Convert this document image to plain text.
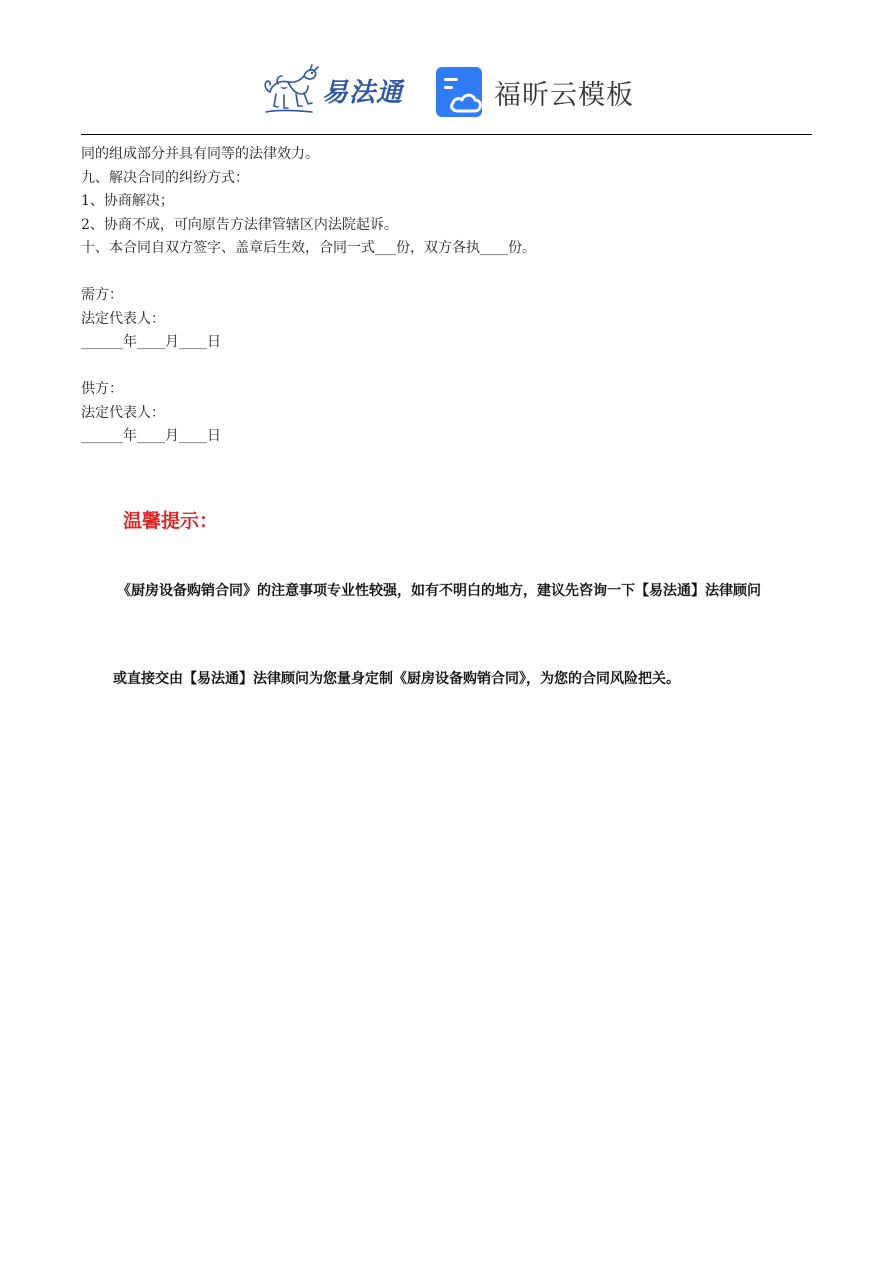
易法通	福昕云模板
同的组成部分并具有同等的法律效力。
九、解决合同的纠纷方式：
1、协商解决；
2、协商不成，可向原告方法律管辖区内法院起诉。
十、本合同自双方签字、盖章后生效，合同一式___份，双方各执____份。
需方：
法定代表人：
______年____月____日
供方：
法定代表人：
______年____月____日
温馨提示：
《厨房设备购销合同》的注意事项专业性较强，如有不明白的地方，建议先咨询一下【易法通】法律顾问
或直接交由【易法通】法律顾问为您量身定制《厨房设备购销合同》，为您的合同风险把关。
